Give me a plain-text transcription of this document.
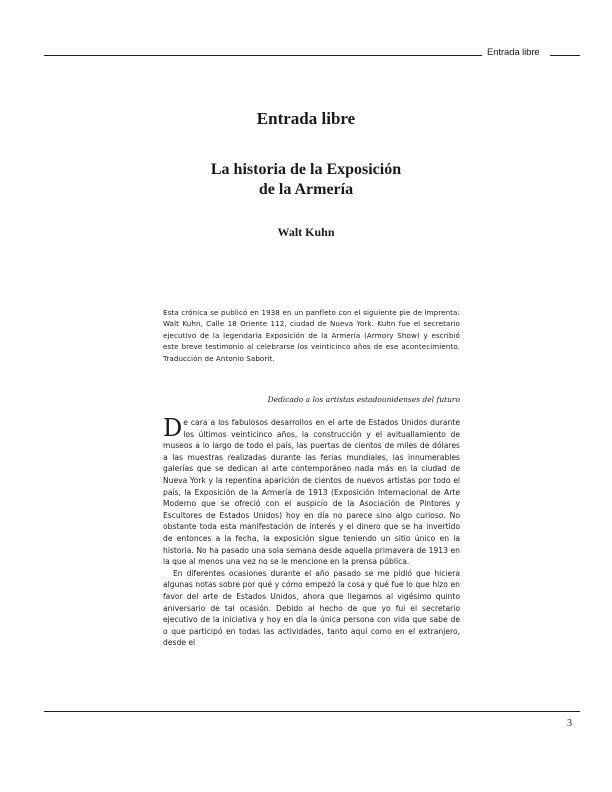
Entrada libre
Entrada libre
La historia de la Exposición
de la Armería
Walt Kuhn

Esta crónica se publicó en 1938 en un panfleto con el siguiente pie de imprenta: Walt Kuhn, Calle 18 Oriente 112, ciudad de Nueva York. Kuhn fue el secretario ejecutivo de la legendaria Exposición de la Armería (Armory Show) y escribió este breve testimonio al celebrarse los veinticinco años de ese acontecimiento. Traducción de Antonio Saborit.

Dedicado a los artistas estadounidenses del futuro

De cara a los fabulosos desarrollos en el arte de Estados Unidos durante los últimos veinticinco años, la construcción y el avituallamiento de museos a lo largo de todo el país, las puertas de cientos de miles de dólares a las muestras realizadas durante las ferias mundiales, las innumerables galerías que se dedican al arte contemporáneo nada más en la ciudad de Nueva York y la repentina aparición de cientos de nuevos artistas por todo el país, la Exposición de la Armería de 1913 (Exposición Internacional de Arte Moderno que se ofreció con el auspicio de la Asociación de Pintores y Escultores de Estados Unidos) hoy en día no parece sino algo curioso. No obstante toda esta manifestación de interés y el dinero que se ha invertido de entonces a la fecha, la exposición sigue teniendo un sitio único en la historia. No ha pasado una sola semana desde aquella primavera de 1913 en la que al menos una vez no se le mencione en la prensa pública.

En diferentes ocasiones durante el año pasado se me pidió que hiciera algunas notas sobre por qué y cómo empezó la cosa y qué fue lo que hizo en favor del arte de Estados Unidos, ahora que llegamos al vigésimo quinto aniversario de tal ocasión. Debido al hecho de que yo fui el secretario ejecutivo de la iniciativa y hoy en día la única persona con vida que sabe de o que participó en todas las actividades, tanto aquí como en el extranjero, desde el

3
